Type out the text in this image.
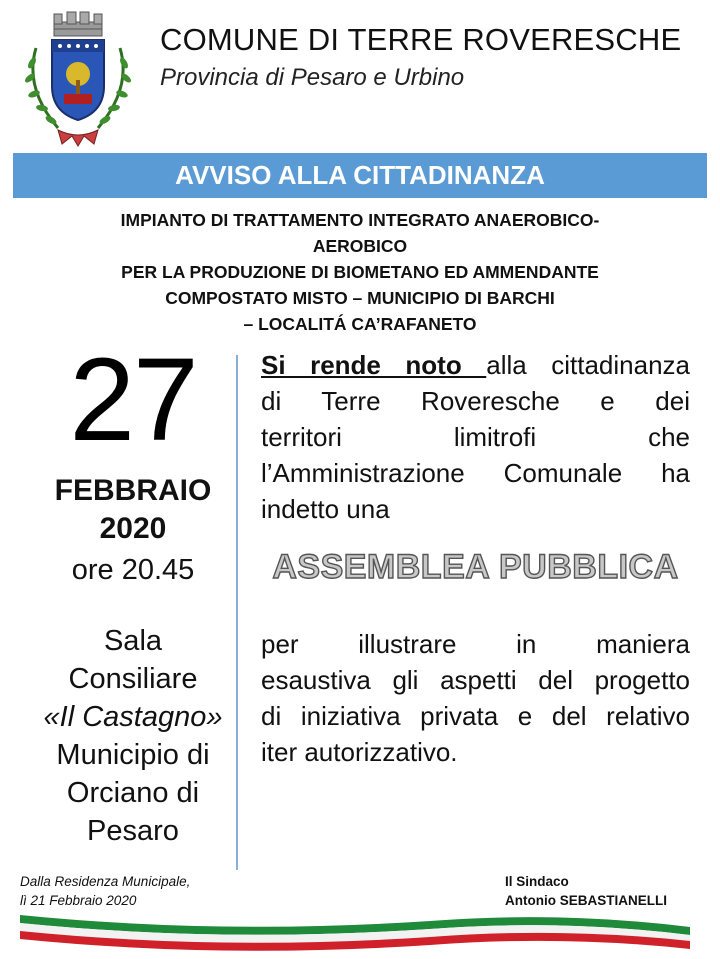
COMUNE DI TERRE ROVERESCHE
Provincia di Pesaro e Urbino
AVVISO ALLA CITTADINANZA
IMPIANTO DI TRATTAMENTO INTEGRATO ANAEROBICO-
AEROBICO
PER LA PRODUZIONE DI BIOMETANO ED AMMENDANTE
COMPOSTATO MISTO – MUNICIPIO DI BARCHI
– LOCALITÁ CA’RAFANETO
27
FEBBRAIO
2020
ore 20.45
Sala
Consiliare
«Il Castagno»
Municipio di
Orciano di
Pesaro
Si rende noto alla cittadinanza
di Terre Roveresche e dei
territori limitrofi che
l’Amministrazione Comunale ha
indetto una
ASSEMBLEA PUBBLICA
per illustrare in maniera
esaustiva gli aspetti del progetto
di iniziativa privata e del relativo
iter autorizzativo.
Dalla Residenza Municipale,
lì 21 Febbraio 2020
Il Sindaco
Antonio SEBASTIANELLI
